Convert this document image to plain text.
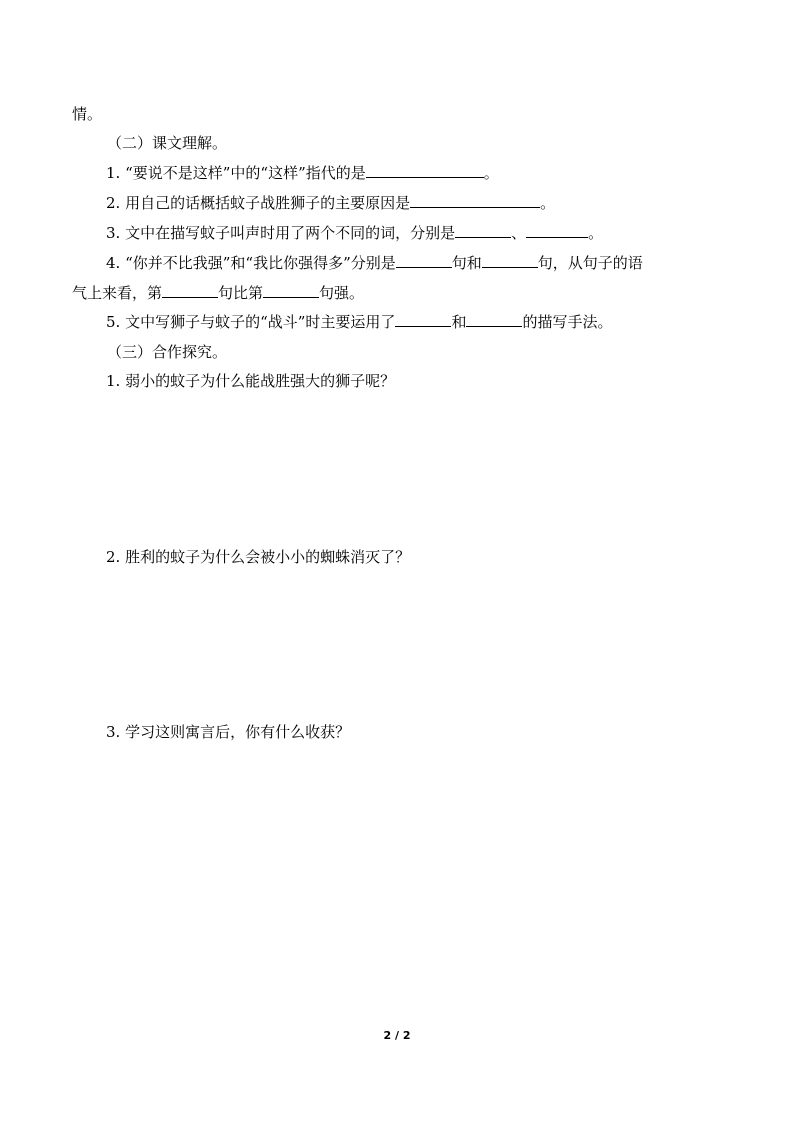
情。
（二）课文理解。
1. “要说不是这样”中的“这样”指代的是	。
2. 用自己的话概括蚊子战胜狮子的主要原因是	。
3. 文中在描写蚊子叫声时用了两个不同的词，分别是	、	。
4. “你并不比我强”和“我比你强得多”分别是	句和	句，从句子的语
气上来看，第	句比第	句强。
5. 文中写狮子与蚊子的“战斗”时主要运用了	和	的描写手法。
（三）合作探究。
1. 弱小的蚊子为什么能战胜强大的狮子呢？
2. 胜利的蚊子为什么会被小小的蜘蛛消灭了？
3. 学习这则寓言后，你有什么收获？
2 / 2
